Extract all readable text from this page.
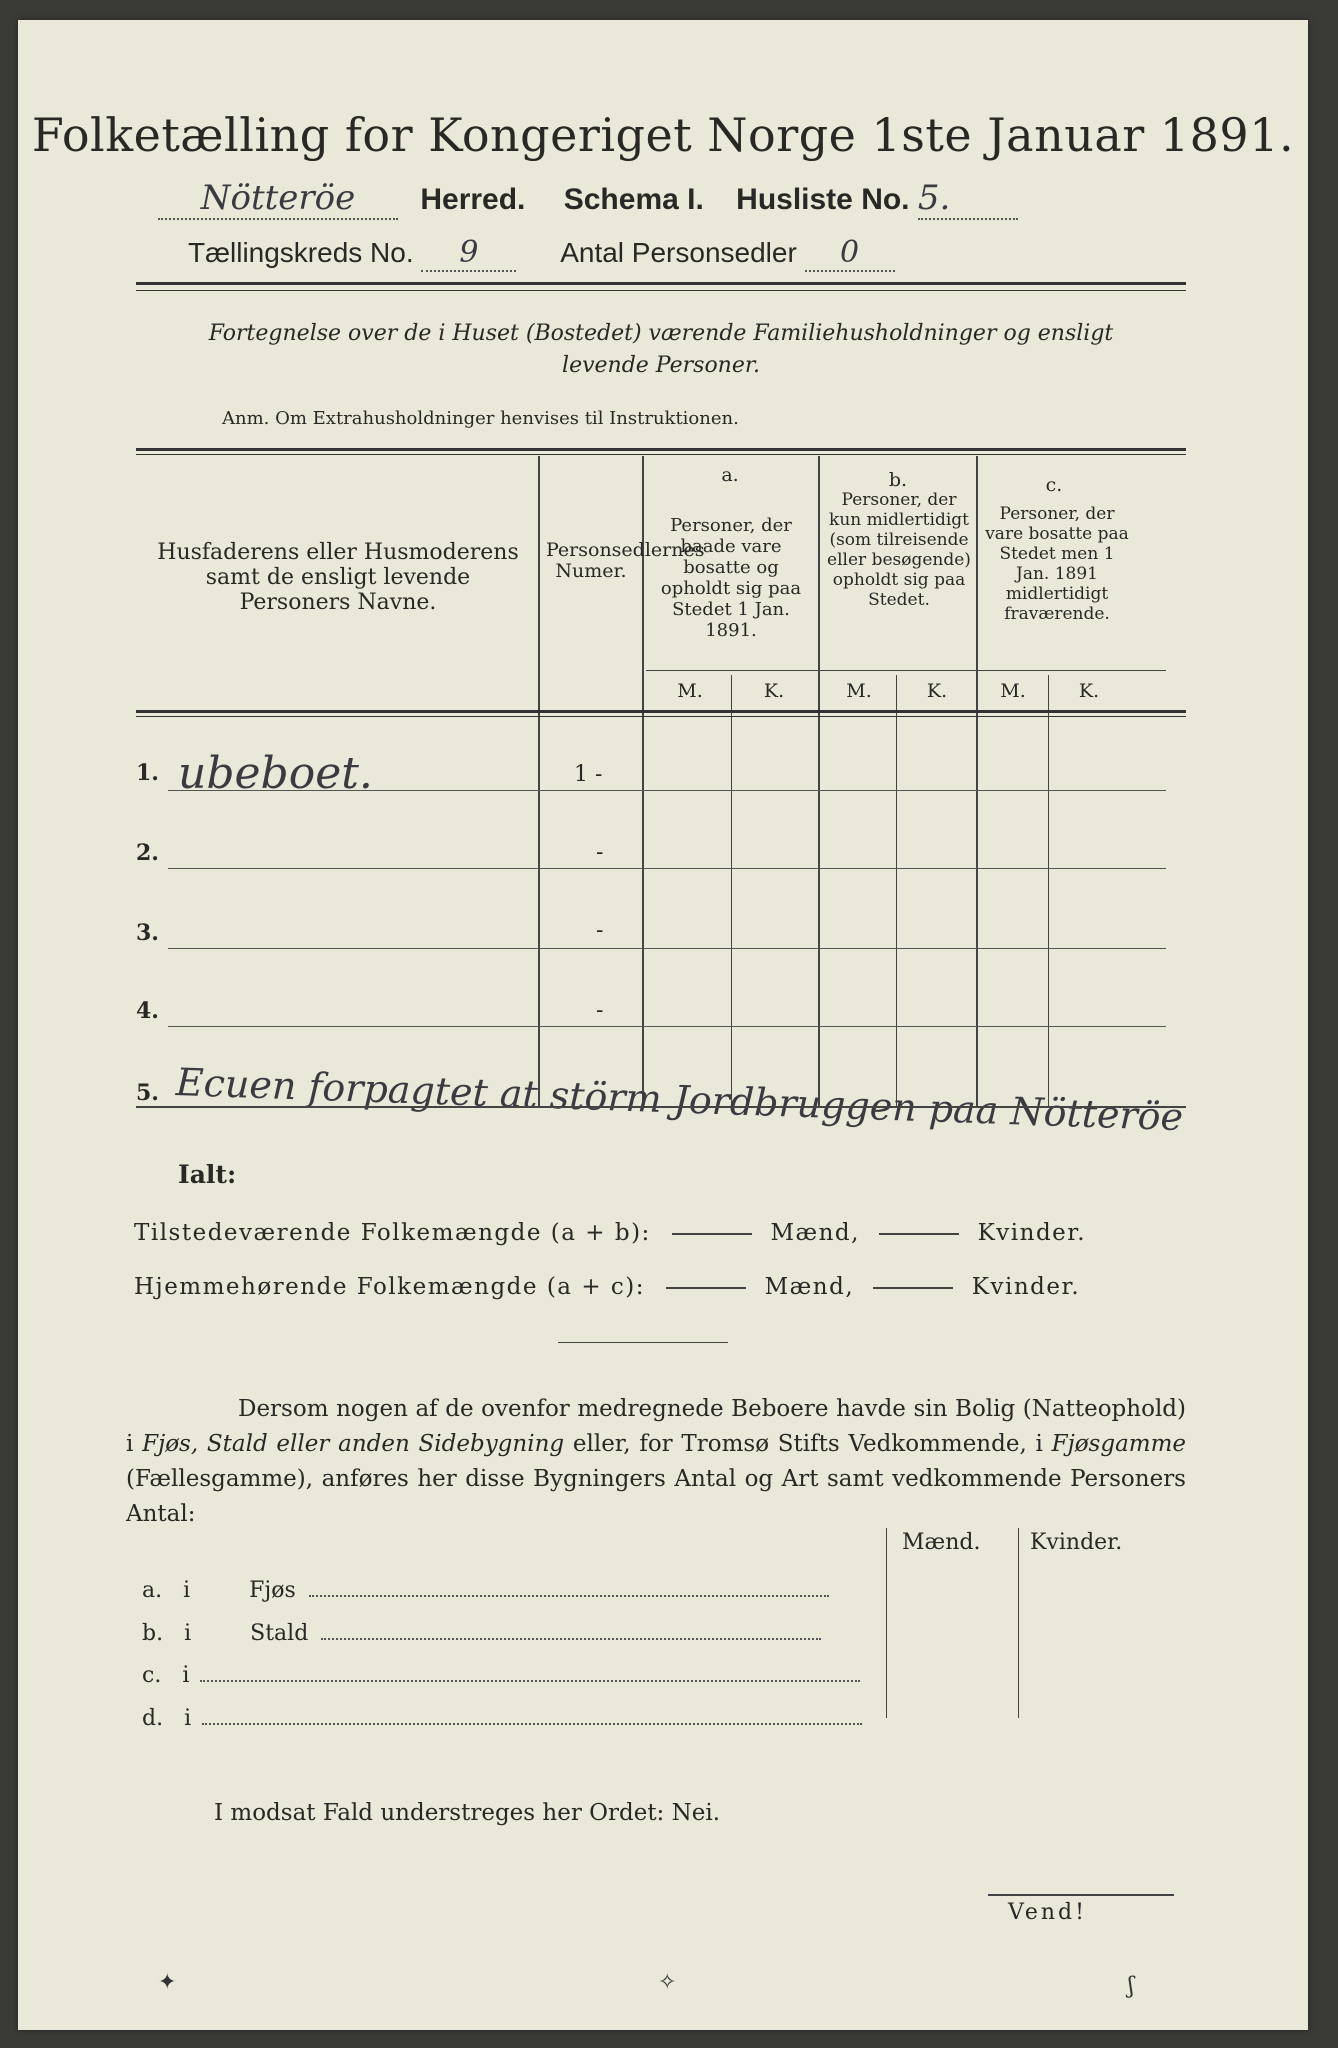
Folketælling for Kongeriget Norge 1ste Januar 1891.
Nötteröe Herred. Schema I. Husliste No. 5.
Tællingskreds No. 9	Antal Personsedler 0
Fortegnelse over de i Huset (Bostedet) værende Familiehusholdninger og ensligt
levende Personer.
Anm. Om Extrahusholdninger henvises til Instruktionen.
Husfaderens eller Husmoderens samt de ensligt levende Personers Navne.
Personsedlernes Numer.
a.
Personer, der baade vare bosatte og opholdt sig paa Stedet 1 Jan. 1891.
b.
Personer, der kun midlertidigt (som tilreisende eller besøgende) opholdt sig paa Stedet.
c.
Personer, der vare bosatte paa Stedet men 1 Jan. 1891 midlertidigt fraværende.
M.	K.	M.	K.	M.	K.
1. ubeboet.	1 -
2.	-
3.	-
4.	-
5. Ecuen forpagtet at störm Jordbruggen paa Nötteröe
Ialt:
Tilstedeværende Folkemængde (a + b):	Mænd,	Kvinder.
Hjemmehørende Folkemængde (a + c):	Mænd,	Kvinder.
Dersom nogen af de ovenfor medregnede Beboere havde sin Bolig (Natteophold) i Fjøs, Stald eller anden Sidebygning eller, for Tromsø Stifts Vedkommende, i Fjøsgamme (Fællesgamme), anføres her disse Bygningers Antal og Art samt vedkommende Personers Antal:
Mænd. Kvinder.
a. i	Fjøs
b. i	Stald
c. i
d. i
I modsat Fald understreges her Ordet: Nei.
Vend!
✦	✧	ʃ
